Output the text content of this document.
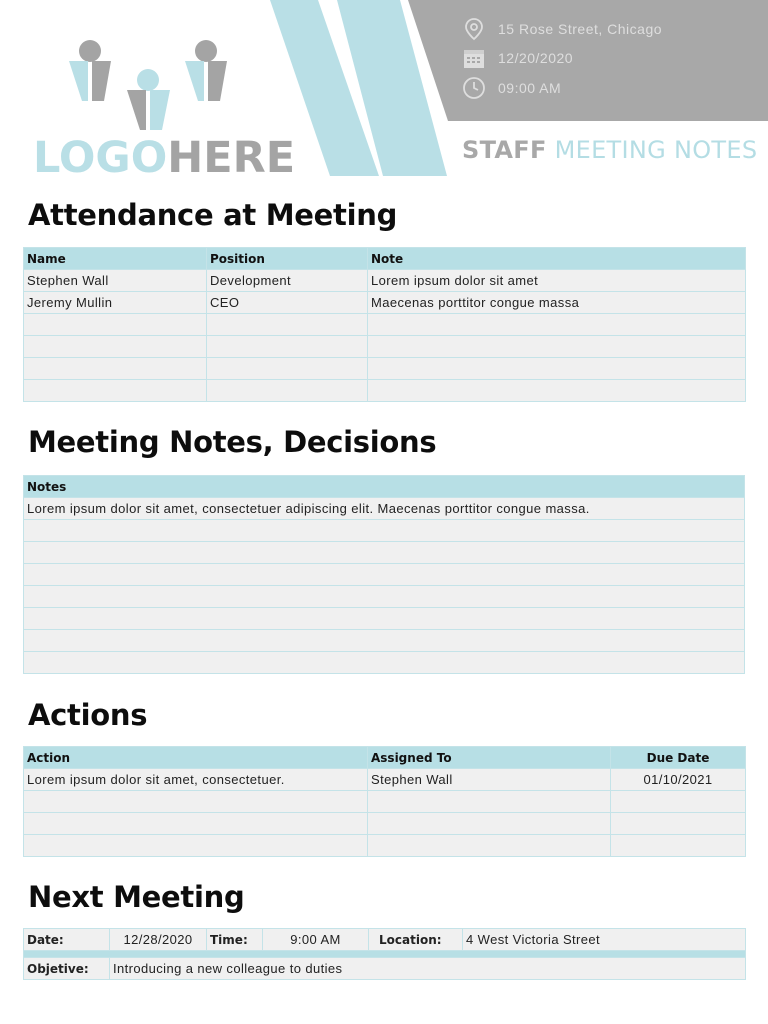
LOGOHERE
15 Rose Street, Chicago
12/20/2020
09:00 AM
STAFF MEETING NOTES
Attendance at Meeting
Name	Position	Note
Stephen Wall	Development	Lorem ipsum dolor sit amet
Jeremy Mullin	CEO	Maecenas porttitor congue massa

Meeting Notes, Decisions
Notes
Lorem ipsum dolor sit amet, consectetuer adipiscing elit. Maecenas porttitor congue massa.

Actions
Action	Assigned To	Due Date
Lorem ipsum dolor sit amet, consectetuer.	Stephen Wall	01/10/2021

Next Meeting
Date:	12/28/2020	Time:	9:00 AM	Location:	4 West Victoria Street

Objetive:	Introducing a new colleague to duties				
